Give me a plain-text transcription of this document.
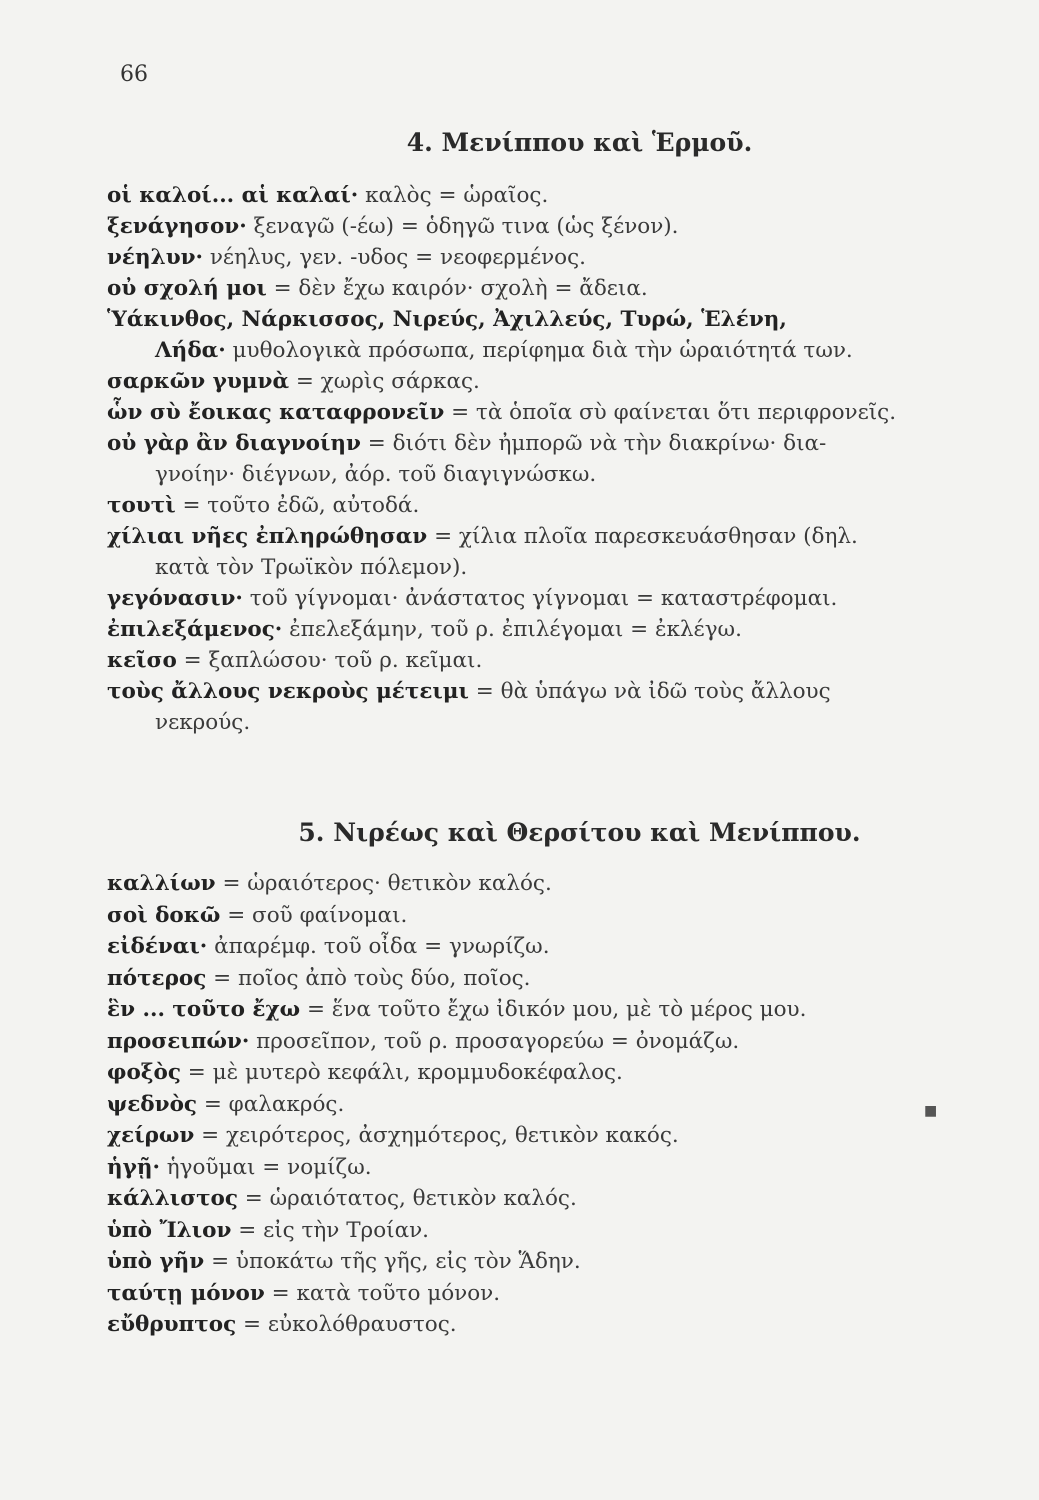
66
4. Μενίππου καὶ Ἑρμοῦ.
οἱ καλοί... αἱ καλαί· καλὸς = ὡραῖος.
ξενάγησον· ξεναγῶ (-έω) = ὁδηγῶ τινα (ὡς ξένον).
νέηλυν· νέηλυς, γεν. -υδος = νεοφερμένος.
οὐ σχολή μοι = δὲν ἔχω καιρόν· σχολὴ = ἄδεια.
Ὑάκινθος, Νάρκισσος, Νιρεύς, Ἀχιλλεύς, Τυρώ, Ἑλένη,
Λήδα· μυθολογικὰ πρόσωπα, περίφημα διὰ τὴν ὡραιότητά των.
σαρκῶν γυμνὰ = χωρὶς σάρκας.
ὧν σὺ ἔοικας καταφρονεῖν = τὰ ὁποῖα σὺ φαίνεται ὅτι περιφρονεῖς.
οὐ γὰρ ἂν διαγνοίην = διότι δὲν ἠμπορῶ νὰ τὴν διακρίνω· δια-
γνοίην· διέγνων, ἀόρ. τοῦ διαγιγνώσκω.
τουτὶ = τοῦτο ἐδῶ, αὐτοδά.
χίλιαι νῆες ἐπληρώθησαν = χίλια πλοῖα παρεσκευάσθησαν (δηλ.
κατὰ τὸν Τρωϊκὸν πόλεμον).
γεγόνασιν· τοῦ γίγνομαι· ἀνάστατος γίγνομαι = καταστρέφομαι.
ἐπιλεξάμενος· ἐπελεξάμην, τοῦ ρ. ἐπιλέγομαι = ἐκλέγω.
κεῖσο = ξαπλώσου· τοῦ ρ. κεῖμαι.
τοὺς ἄλλους νεκροὺς μέτειμι = θὰ ὑπάγω νὰ ἰδῶ τοὺς ἄλλους
νεκρούς.
5. Νιρέως καὶ Θερσίτου καὶ Μενίππου.
καλλίων = ὡραιότερος· θετικὸν καλός.
σοὶ δοκῶ = σοῦ φαίνομαι.
εἰδέναι· ἀπαρέμφ. τοῦ οἶδα = γνωρίζω.
πότερος = ποῖος ἀπὸ τοὺς δύο, ποῖος.
ἓν ... τοῦτο ἔχω = ἕνα τοῦτο ἔχω ἰδικόν μου, μὲ τὸ μέρος μου.
προσειπών· προσεῖπον, τοῦ ρ. προσαγορεύω = ὀνομάζω.
φοξὸς = μὲ μυτερὸ κεφάλι, κρομμυδοκέφαλος.
ψεδνὸς = φαλακρός.
χείρων = χειρότερος, ἀσχημότερος, θετικὸν κακός.
ἡγῇ· ἡγοῦμαι = νομίζω.
κάλλιστος = ὡραιότατος, θετικὸν καλός.
ὑπὸ Ἴλιον = εἰς τὴν Τροίαν.
ὑπὸ γῆν = ὑποκάτω τῆς γῆς, εἰς τὸν Ἅδην.
ταύτῃ μόνον = κατὰ τοῦτο μόνον.
εὔθρυπτος = εὐκολόθραυστος.
■
